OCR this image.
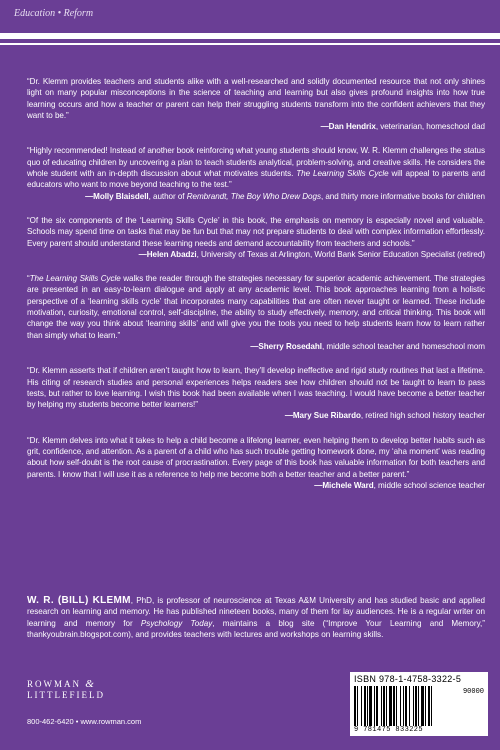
Education • Reform

“Dr. Klemm provides teachers and students alike with a well-researched and solidly documented resource that not only shines light on many popular misconceptions in the science of teaching and learning but also gives profound insights into how true learning occurs and how a teacher or parent can help their struggling students transform into the confident achievers that they want to be.”

—Dan Hendrix, veterinarian, homeschool dad

“Highly recommended! Instead of another book reinforcing what young students should know, W. R. Klemm challenges the status quo of educating children by uncovering a plan to teach students analytical, problem-solving, and creative skills. He considers the whole student with an in-depth discussion about what motivates students. The Learning Skills Cycle will appeal to parents and educators who want to move beyond teaching to the test.”

—Molly Blaisdell, author of Rembrandt, The Boy Who Drew Dogs, and thirty more informative books for children

“Of the six components of the ‘Learning Skills Cycle’ in this book, the emphasis on memory is especially novel and valuable. Schools may spend time on tasks that may be fun but that may not prepare students to deal with complex information effortlessly. Every parent should understand these learning needs and demand accountability from teachers and schools.”

—Helen Abadzi, University of Texas at Arlington, World Bank Senior Education Specialist (retired)

“The Learning Skills Cycle walks the reader through the strategies necessary for superior academic achievement. The strategies are presented in an easy-to-learn dialogue and apply at any academic level. This book approaches learning from a holistic perspective of a ‘learning skills cycle’ that incorporates many capabilities that are often never taught or learned. These include motivation, curiosity, emotional control, self-discipline, the ability to study effectively, memory, and critical thinking. This book will change the way you think about ‘learning skills’ and will give you the tools you need to help students learn how to learn rather than simply what to learn.”

—Sherry Rosedahl, middle school teacher and homeschool mom

“Dr. Klemm asserts that if children aren’t taught how to learn, they’ll develop ineffective and rigid study routines that last a lifetime. His citing of research studies and personal experiences helps readers see how children should not be taught to learn to pass tests, but rather to love learning. I wish this book had been available when I was teaching. I would have become a better teacher by helping my students become better learners!”

—Mary Sue Ribardo, retired high school history teacher

“Dr. Klemm delves into what it takes to help a child become a lifelong learner, even helping them to develop better habits such as grit, confidence, and attention. As a parent of a child who has such trouble getting homework done, my ‘aha moment’ was reading about how self-doubt is the root cause of procrastination. Every page of this book has valuable information for both teachers and parents. I know that I will use it as a reference to help me become both a better teacher and a better parent.”

—Michele Ward, middle school science teacher

W. R. (BILL) KLEMM, PhD, is professor of neuroscience at Texas A&M University and has studied basic and applied research on learning and memory. He has published nineteen books, many of them for lay audiences. He is a regular writer on learning and memory for Psychology Today, maintains a blog site (“Improve Your Learning and Memory,” thankyoubrain.blogspot.com), and provides teachers with lectures and workshops on learning skills.

ROWMAN &
LITTLEFIELD
800-462-6420 • www.rowman.com
ISBN 978-1-4758-3322-5
90000
9 781475 833225
